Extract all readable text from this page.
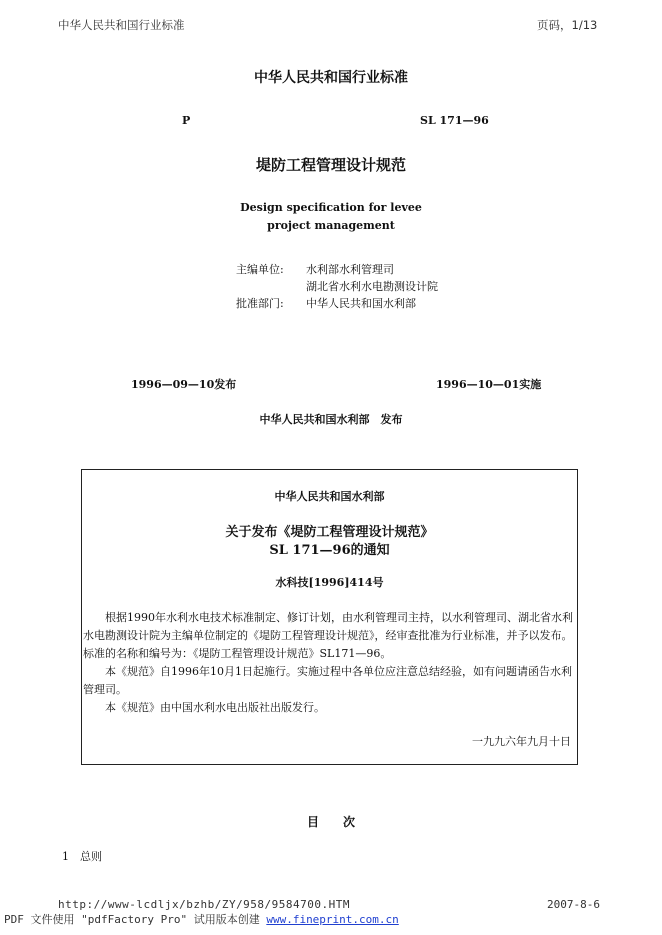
中华人民共和国行业标准	页码，1/13
中华人民共和国行业标准
P	SL 171—96
堤防工程管理设计规范
Design specification for levee
project management
主编单位: 水利部水利管理司
湖北省水利水电勘测设计院
批准部门: 中华人民共和国水利部
1996—09—10发布	1996—10—01实施
中华人民共和国水利部　发布
中华人民共和国水利部
关于发布《堤防工程管理设计规范》
SL 171—96的通知
水科技[1996]414号
根据1990年水利水电技术标准制定、修订计划，由水利管理司主持，以水利管理司、湖北省水利水电勘测设计院为主编单位制定的《堤防工程管理设计规范》，经审查批准为行业标准，并予以发布。标准的名称和编号为：《堤防工程管理设计规范》SL171—96。
本《规范》自1996年10月1日起施行。实施过程中各单位应注意总结经验，如有问题请函告水利管理司。
本《规范》由中国水利水电出版社出版发行。
一九九六年九月十日
目　　次
1　总则
http://www-lcdljx/bzhb/ZY/958/9584700.HTM	2007-8-6
PDF 文件使用 "pdfFactory Pro" 试用版本创建 www.fineprint.com.cn
